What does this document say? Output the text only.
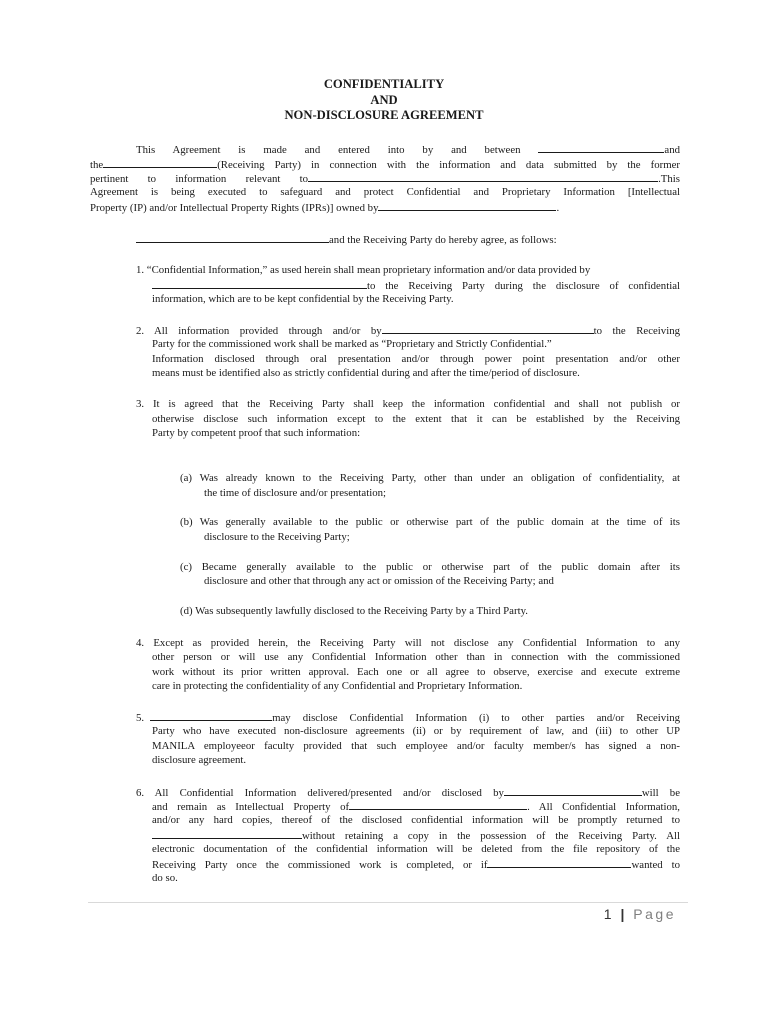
CONFIDENTIALITY
AND
NON-DISCLOSURE AGREEMENT
This Agreement is made and entered into by and between	and
the	(Receiving Party) in connection with the information and data submitted by the former
pertinent to information relevant to	.This
Agreement is being executed to safeguard and protect Confidential and Proprietary Information [Intellectual
Property (IP) and/or Intellectual Property Rights (IPRs)] owned by	.
and the Receiving Party do hereby agree, as follows:
1. “Confidential Information,” as used herein shall mean proprietary information and/or data provided by
to the Receiving Party during the disclosure of confidential
information, which are to be kept confidential by the Receiving Party.
2. All information provided through and/or by	to the Receiving
Party for the commissioned work shall be marked as “Proprietary and Strictly Confidential.”
Information disclosed through oral presentation and/or through power point presentation and/or other
means must be identified also as strictly confidential during and after the time/period of disclosure.
3. It is agreed that the Receiving Party shall keep the information confidential and shall not publish or
otherwise disclose such information except to the extent that it can be established by the Receiving
Party by competent proof that such information:
(a) Was already known to the Receiving Party, other than under an obligation of confidentiality, at
the time of disclosure and/or presentation;
(b) Was generally available to the public or otherwise part of the public domain at the time of its
disclosure to the Receiving Party;
(c) Became generally available to the public or otherwise part of the public domain after its
disclosure and other that through any act or omission of the Receiving Party; and
(d) Was subsequently lawfully disclosed to the Receiving Party by a Third Party.
4. Except as provided herein, the Receiving Party will not disclose any Confidential Information to any
other person or will use any Confidential Information other than in connection with the commissioned
work without its prior written approval. Each one or all agree to observe, exercise and execute extreme
care in protecting the confidentiality of any Confidential and Proprietary Information.
5.	may disclose Confidential Information (i) to other parties and/or Receiving
Party who have executed non-disclosure agreements (ii) or by requirement of law, and (iii) to other UP
MANILA employeeor faculty provided that such employee and/or faculty member/s has signed a non-
disclosure agreement.
6. All Confidential Information delivered/presented and/or disclosed by	will be
and remain as Intellectual Property of	. All Confidential Information,
and/or any hard copies, thereof of the disclosed confidential information will be promptly returned to
without retaining a copy in the possession of the Receiving Party. All
electronic documentation of the confidential information will be deleted from the file repository of the
Receiving Party once the commissioned work is completed, or if	wanted to
do so.
1 | Page
